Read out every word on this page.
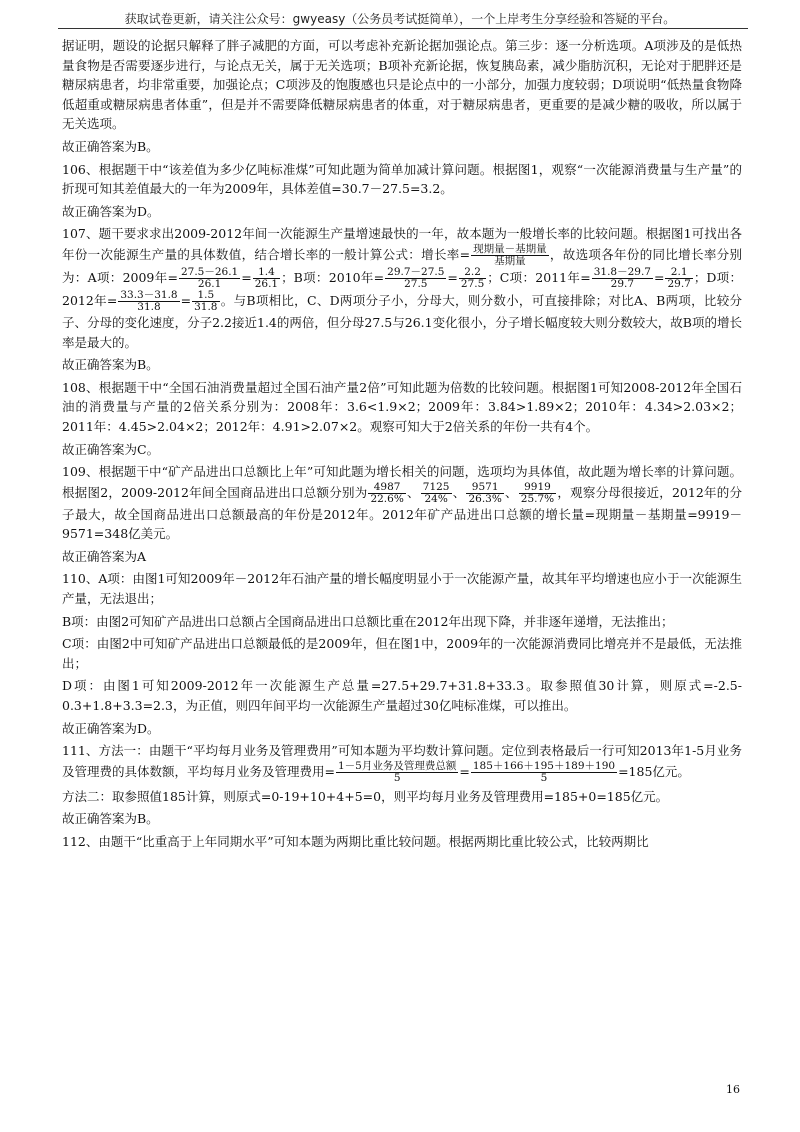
获取试卷更新，请关注公众号：gwyeasy（公务员考试挺简单），一个上岸考生分享经验和答疑的平台。

据证明，题设的论据只解释了胖子减肥的方面，可以考虑补充新论据加强论点。第三步：逐一分析选项。A项涉及的是低热量食物是否需要逐步进行，与论点无关，属于无关选项；B项补充新论据，恢复胰岛素，减少脂肪沉积，无论对于肥胖还是糖尿病患者，均非常重要，加强论点；C项涉及的饱腹感也只是论点中的一小部分，加强力度较弱；D项说明“低热量食物降低超重或糖尿病患者体重”，但是并不需要降低糖尿病患者的体重，对于糖尿病患者，更重要的是减少糖的吸收，所以属于无关选项。

故正确答案为B。

106、根据题干中“该差值为多少亿吨标准煤”可知此题为简单加减计算问题。根据图1，观察“一次能源消费量与生产量”的折现可知其差值最大的一年为2009年，具体差值=30.7－27.5=3.2。

故正确答案为D。

107、题干要求求出2009-2012年间一次能源生产量增速最快的一年，故本题为一般增长率的比较问题。根据图1可找出各年份一次能源生产量的具体数值，结合增长率的一般计算公式：增长率= $\frac{\text{现期量－基期量}}{\text{基期量}}$ ，故选项各年份的同比增长率分别为：A项：2009年= $\frac{27.5-26.1}{26.1} = \frac{1.4}{26.1}$ ；B项：2010年= $\frac{29.7-27.5}{27.5} = \frac{2.2}{27.5}$ ；C项：2011年= $\frac{31.8-29.7}{29.7} = \frac{2.1}{29.7}$ ；D项：2012年= $\frac{33.3-31.8}{31.8} = \frac{1.5}{31.8}$ 。与B项相比，C、D两项分子小，分母大，则分数小，可直接排除；对比A、B两项，比较分子、分母的变化速度，分子2.2接近1.4的两倍，但分母27.5与26.1变化很小，分子增长幅度较大则分数较大，故B项的增长率是最大的。

故正确答案为B。

108、根据题干中“全国石油消费量超过全国石油产量2倍”可知此题为倍数的比较问题。根据图1可知2008-2012年全国石油的消费量与产量的2倍关系分别为：2008年：3.6<1.9×2；2009年：3.84>1.89×2；2010年：4.34>2.03×2；2011年：4.45>2.04×2；2012年：4.91>2.07×2。观察可知大于2倍关系的年份一共有4个。

故正确答案为C。

109、根据题干中“矿产品进出口总额比上年”可知此题为增长相关的问题，选项均为具体值，故此题为增长率的计算问题。根据图2，2009-2012年间全国商品进出口总额分别为 $\frac{4987}{22.6\%}$ 、 $\frac{7125}{24\%}$ 、 $\frac{9571}{26.3\%}$ 、 $\frac{9919}{25.7\%}$ ，观察分母很接近，2012年的分子最大，故全国商品进出口总额最高的年份是2012年。2012年矿产品进出口总额的增长量=现期量－基期量=9919－9571=348亿美元。

故正确答案为A

110、A项：由图1可知2009年－2012年石油产量的增长幅度明显小于一次能源产量，故其年平均增速也应小于一次能源生产量，无法退出；

B项：由图2可知矿产品进出口总额占全国商品进出口总额比重在2012年出现下降，并非逐年递增，无法推出；

C项：由图2中可知矿产品进出口总额最低的是2009年，但在图1中，2009年的一次能源消费同比增亮并不是最低，无法推出；

D项：由图1可知2009-2012年一次能源生产总量=27.5+29.7+31.8+33.3。取参照值30计算，则原式=-2.5-0.3+1.8+3.3=2.3，为正值，则四年间平均一次能源生产量超过30亿吨标准煤，可以推出。

故正确答案为D。

111、方法一：由题干“平均每月业务及管理费用”可知本题为平均数计算问题。定位到表格最后一行可知2013年1-5月业务及管理费的具体数额，平均每月业务及管理费用= $\frac{\text{1－5月业务及管理费总额}}{5} = \frac{185+166+195+189+190}{5} =185$亿元。

方法二：取参照值185计算，则原式=0-19+10+4+5=0，则平均每月业务及管理费用=185+0=185亿元。

故正确答案为B。

112、由题干“比重高于上年同期水平”可知本题为两期比重比较问题。根据两期比重比较公式，比较两期比

16
